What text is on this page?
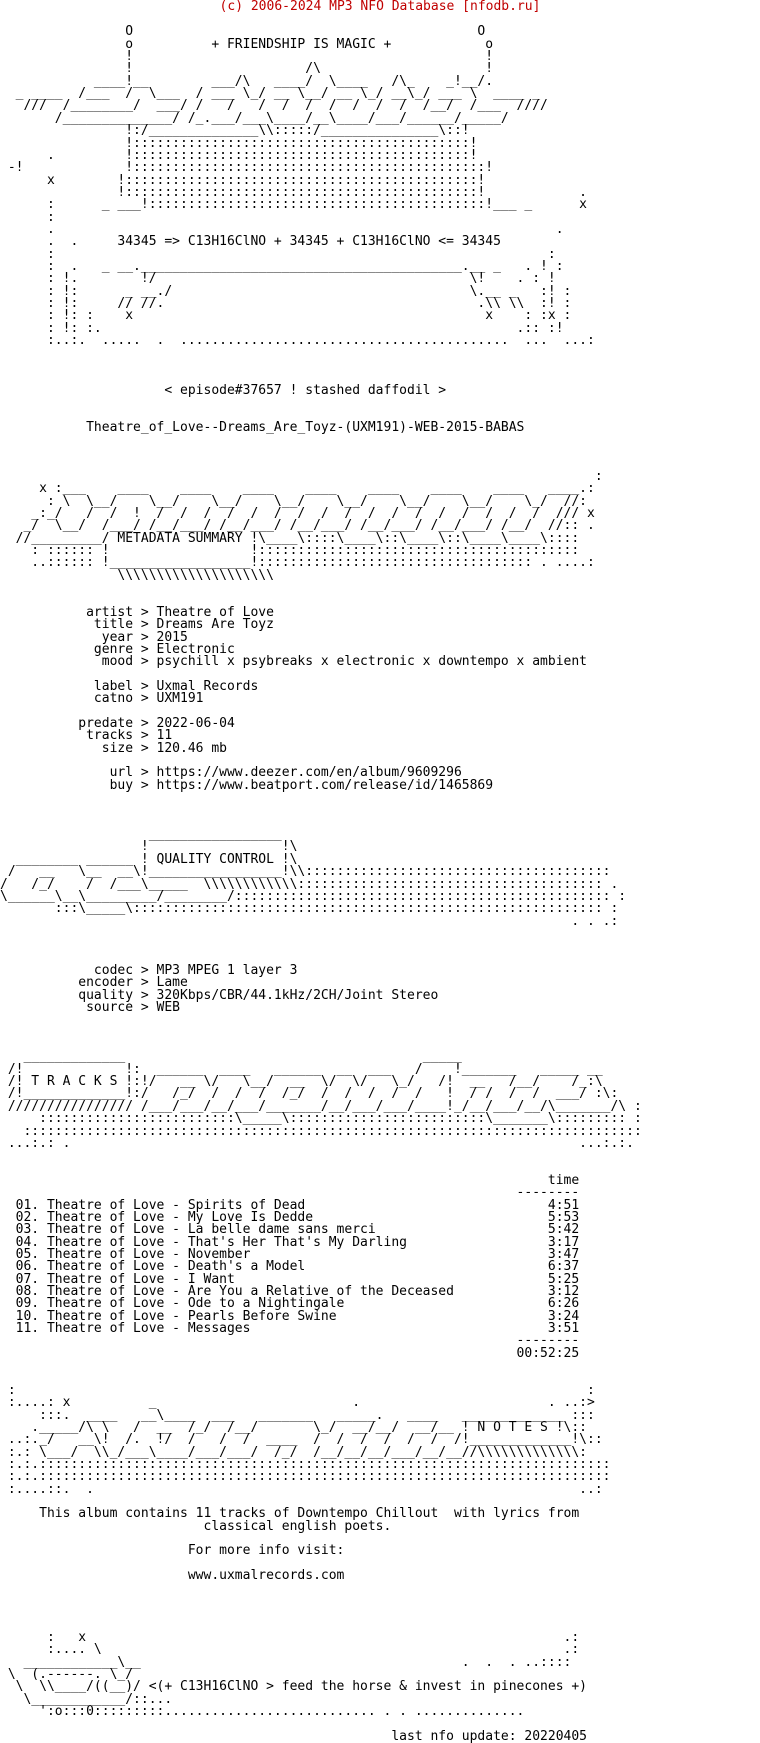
(c) 2006-2024 MP3 NFO Database [nfodb.ru]
O                                            O
o          + FRIENDSHIP IS MAGIC +            o
!                                             !
!                      /\                     !
____!__        ___/\   ____/  \____   /\_    _!__/.
_ ____  /___  /  \___  / ___ \_/ __ \__/ __ \_/ __\_/ ___ \  ____ _
///  /________/  ___/ /   /   /  /  /  /  /  /  /  /__/  /___  ////
/______________/ /_.___/___\____/__\____/___/______/_____/
!:/______________\\:::::/_______________\::!
!:::::::::::::::::::::::::::::::::::::::::::!
.         !:::::::::::::::::::::::::::::::::::::::::::!
-!             !:::::::::::::::::::::::::::::::::::::::::::::!
x        !:::::::::::::::::::::::::::::::::::::::::::::!
!:::::::::::::::::::::::::::::::::::::::::::::!            .
:      _ ___!:::::::::::::::::::::::::::::::::::::::::::!___ _      x
:
.                                                                .
.  .     34345 => C13H16ClNO + 34345 + C13H16ClNO <= 34345
:                                                               :
:  .   _ __._________________________________________.__ _   . ! :
: !.        !/                                        \!    . : !
: !:      _ __./                                      \.__ _   :! :
: !:     // //.                                        .\\ \\  :! :
: !: :    x                                             x    : :x :
: !: :.                                                     .:: :!
:..:.  .....  .  ..........................................  ...  ...:
< episode#37657 ! stashed daffodil >
Theatre_of_Love--Dreams_Are_Toyz-(UXM191)-WEB-2015-BABAS
:
x :___    ____    ____    ____    ____    ____    ____    ____   ____.:
: \  \__/    \__/    \__/    \__/    \__/    \__/    \__/    \_/  //:
_:_/   /  /  !  /  /  /  /  /  /  /  /  /  /  /  /  /  /  /  /  /  /// x
_/  \__/  /___/ /__/___/ /__/___/ /__/___/ /__/___/ /__/___/ /__/  //:: .
//_________/ METADATA SUMMARY !\____\::::\____\::\____\::\____\____\::::
: :::::: !                  !:::::::::::::::::::::::::::::::::::::::::
..:::::: !__________________!::::::::::::::::::::::::::::::::::: . ....:
\\\\\\\\\\\\\\\\\\\\
artist > Theatre of Love
title > Dreams Are Toyz
year > 2015
genre > Electronic
mood > psychill x psybreaks x electronic x downtempo x ambient
label > Uxmal Records
catno > UXM191
predate > 2022-06-04
tracks > 11
size > 120.46 mb
url > https://www.deezer.com/en/album/9609296
buy > https://www.beatport.com/release/id/1465869
_________________
!                 !\
________ ______ ! QUALITY CONTROL !\
/   __   \__  __\!_________________!\\:::::::::::::::::::::::::::::::::::::::
/   /_/    /  /___\_____  \\\\\\\\\\\\::::::::::::::::::::::::::::::::::::::: .
\______\__\_________/________/:::::::::::::::::::::::::::::::::::::::::::::::: :
:::\_____\:::::::::::::::::::::::::::::::::::::::::::::::::::::::::::: :
. . .:
codec > MP3 MPEG 1 layer 3
encoder > Lame
quality > 320Kbps/CBR/44.1kHz/2CH/Joint Stereo
source > WEB
_____________                                      _____
/!             !:  ______  ____   ______  __  ___   /    !_______   _____ __
/! T R A C K S !:!/   __ \/   \__/  __  \/  \/   \_/   /!  __   /__/    /_:\
/!_____________!:/   /_/  /  /  /  /_/  /  /  /  /  /   !  / /  /  /  ___/ :\:
//////////////// /___/___/__/___/_______/__/___/___/____!_/__/___/__/\_______/\ :
:::::::::::::::::::::::::\_____\:::::::::::::::::::::::::\_______\::::::::: :
:::::::::::::::::::::::::::::::::::::::::::::::::::::::::::::::::::::::::::::::
...:.: .                                                                 ...:.:.
time
--------
01. Theatre of Love - Spirits of Dead                               4:51
02. Theatre of Love - My Love Is Dedde                              5:53
03. Theatre of Love - La belle dame sans merci                      5:42
04. Theatre of Love - That's Her That's My Darling                  3:17
05. Theatre of Love - November                                      3:47
06. Theatre of Love - Death's a Model                               6:37
07. Theatre of Love - I Want                                        5:25
08. Theatre of Love - Are You a Relative of the Deceased            3:12
09. Theatre of Love - Ode to a Nightingale                          6:26
10. Theatre of Love - Pearls Before Swine                           3:24
11. Theatre of Love - Messages                                      3:51
--------
00:52:25
:                                                                         :
:....: x          _                         .                        . ..:>
:::.  ____   __\____  ___   _______   _____.   ____   _____________ :::
._____/\ \   /  __  /_/  /__/       \_/  __/__/  __/__ ! N O T E S !\::
..:._/   __\!  /.  !/  /   /  /  ____  /  /  /  /  /  /  /!_____________!\::
:.: \___/  \\_/___\____/___/___/  /_/  /__/__/__/___/__/__//\\\\\\\\\\\\\:
:.:.:::::::::::::::::::::::::::::::::::::::::::::::::::::::::::::::::::::::::
:.:.:::::::::::::::::::::::::::::::::::::::::::::::::::::::::::::::::::::::::
:....::.  .                                                              ..:
This album contains 11 tracks of Downtempo Chillout  with lyrics from
classical english poets.
For more info visit:
www.uxmalrecords.com
:   x                                                             .:
:.... \                                                           .:
____________\__                                         .  .  . ..::::
\  (.------. \_/
\  \\____/((__)/ <(+ C13H16ClNO > feed the horse & invest in pinecones +)
\____________/::...
':o:::0:::::::::........................... . . ..............
last nfo update: 20220405
